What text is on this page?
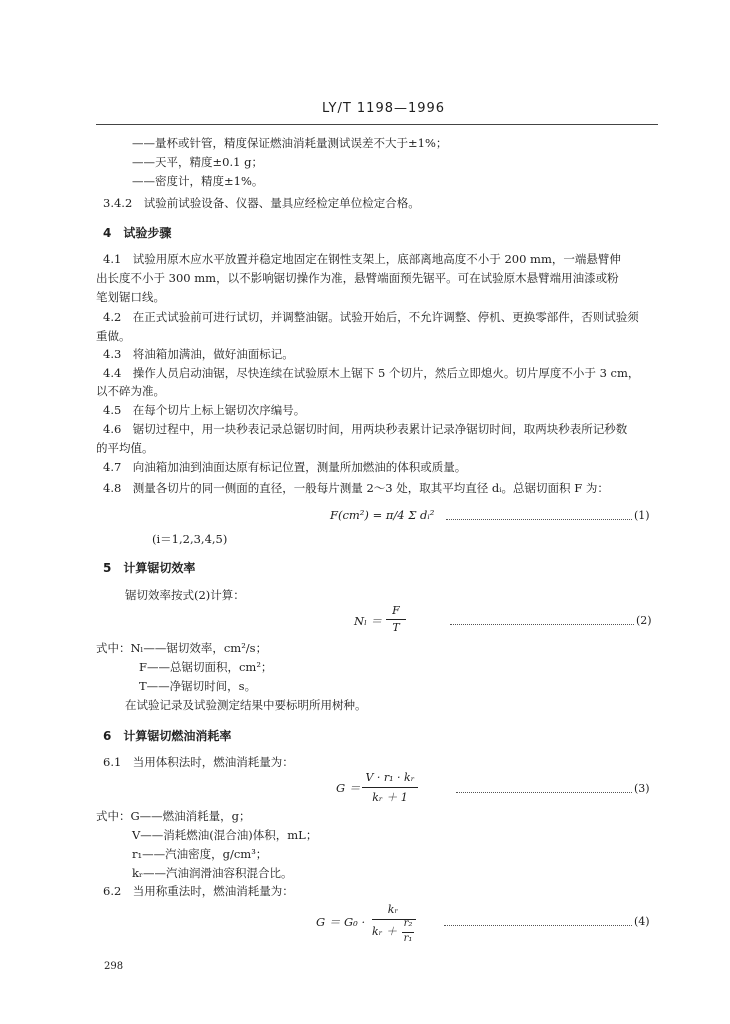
LY/T 1198—1996
——量杯或针管，精度保证燃油消耗量测试误差不大于±1%；
——天平，精度±0.1 g；
——密度计，精度±1%。
3.4.2　试验前试验设备、仪器、量具应经检定单位检定合格。
4　试验步骤
4.1　试验用原木应水平放置并稳定地固定在钢性支架上，底部离地高度不小于 200 mm，一端悬臂伸
出长度不小于 300 mm，以不影响锯切操作为准，悬臂端面预先锯平。可在试验原木悬臂端用油漆或粉
笔划锯口线。
4.2　在正式试验前可进行试切，并调整油锯。试验开始后，不允许调整、停机、更换零部件，否则试验须
重做。
4.3　将油箱加满油，做好油面标记。
4.4　操作人员启动油锯，尽快连续在试验原木上锯下 5 个切片，然后立即熄火。切片厚度不小于 3 cm，
以不碎为准。
4.5　在每个切片上标上锯切次序编号。
4.6　锯切过程中，用一块秒表记录总锯切时间，用两块秒表累计记录净锯切时间，取两块秒表所记秒数
的平均值。
4.7　向油箱加油到油面达原有标记位置，测量所加燃油的体积或质量。
4.8　测量各切片的同一侧面的直径，一般每片测量 2～3 处，取其平均直径 dᵢ。总锯切面积 F 为：
F(cm²) = π/4 Σ dᵢ²	(1)
(i＝1,2,3,4,5)
5　计算锯切效率
锯切效率按式(2)计算：
Nₗ ＝
F
T
(2)
式中：Nₗ——锯切效率，cm²/s；
F——总锯切面积，cm²；
T——净锯切时间，s。
在试验记录及试验测定结果中要标明所用树种。
6　计算锯切燃油消耗率
6.1　当用体积法时，燃油消耗量为：
G ＝
V · r₁ · kᵣ
kᵣ ＋ 1
(3)
式中：G——燃油消耗量，g；
V——消耗燃油(混合油)体积，mL；
r₁——汽油密度，g/cm³；
kᵣ——汽油润滑油容积混合比。
6.2　当用称重法时，燃油消耗量为：
G ＝ G₀ ·
kᵣ
kᵣ ＋
r₂
r₁
(4)
298
